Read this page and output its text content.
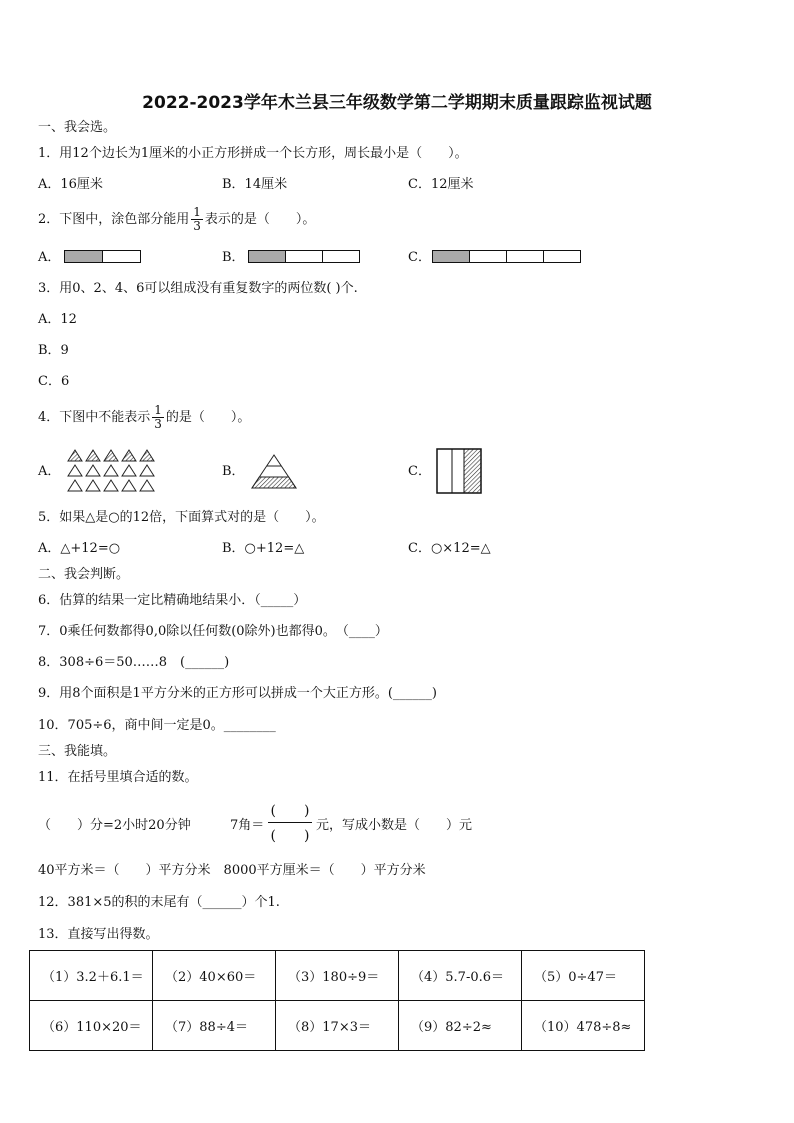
2022-2023学年木兰县三年级数学第二学期期末质量跟踪监视试题
一、我会选。
1．用12个边长为1厘米的小正方形拼成一个长方形，周长最小是（　　）。
A．16厘米	B．14厘米	C．12厘米
2．下图中，涂色部分能用 $\frac{1}{3}$ 表示的是（　　）。
A．	B．	C．
3．用0、2、4、6可以组成没有重复数字的两位数( )个.
A．12
B．9
C．6
4．下图中不能表示 $\frac{1}{3}$ 的是（　　）。
A．	B．	C．
5．如果△是○的12倍，下面算式对的是（　　）。
A．△+12=○	B．○+12=△	C．○×12=△
二、我会判断。
6．估算的结果一定比精确地结果小．（_____）
7．0乘任何数都得0,0除以任何数(0除外)也都得0。　（____）
8．308÷6＝50……8　(______)
9．用8个面积是1平方分米的正方形可以拼成一个大正方形。(______)
10．705÷6，商中间一定是0。________
三、我能填。
11．在括号里填合适的数。
（　　）分=2小时20分钟	7角＝
(　　)
(　　)
元，写成小数是（　　）元
40平方米＝（　　）平方分米　8000平方厘米＝（　　）平方分米
12．381×5的积的末尾有（______）个1.
13．直接写出得数。
（1）3.2＋6.1＝	（2）40×60＝	（3）180÷9＝	（4）5.7-0.6＝	（5）0÷47＝
（6）110×20＝	（7）88÷4＝	（8）17×3＝	（9）82÷2≈	（10）478÷8≈
